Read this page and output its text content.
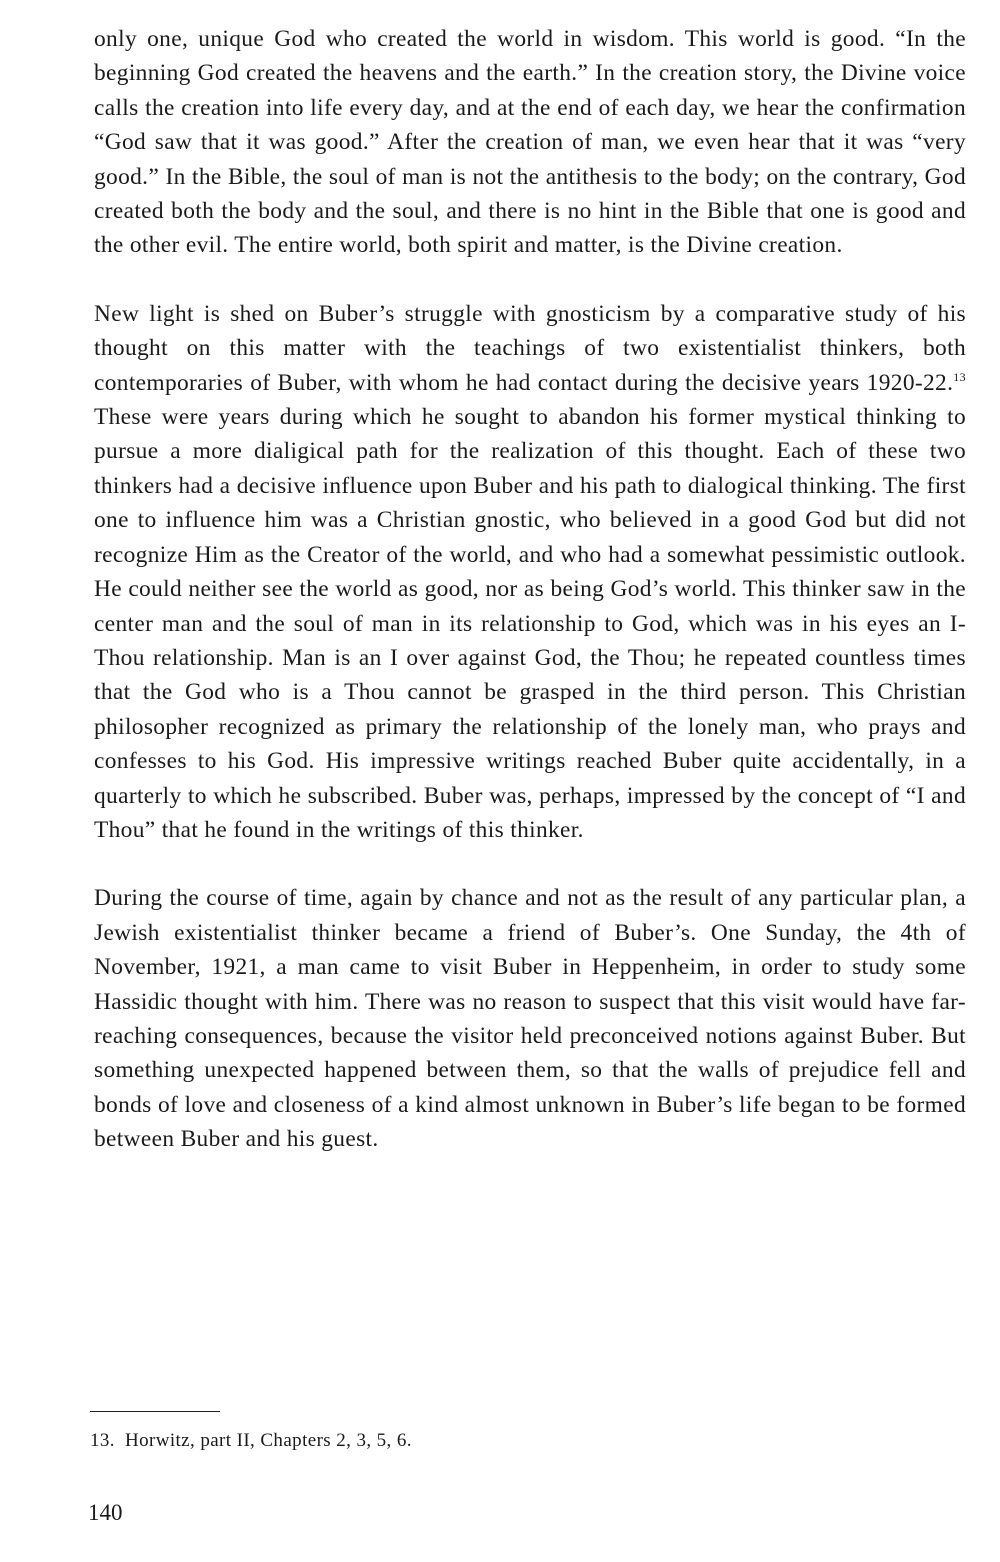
only one, unique God who created the world in wisdom. This world is good. “In the beginning God created the heavens and the earth.” In the creation story, the Divine voice calls the creation into life every day, and at the end of each day, we hear the confirmation “God saw that it was good.” After the creation of man, we even hear that it was “very good.” In the Bible, the soul of man is not the antithesis to the body; on the contrary, God created both the body and the soul, and there is no hint in the Bible that one is good and the other evil. The entire world, both spirit and matter, is the Divine creation.

New light is shed on Buber’s struggle with gnosticism by a comparative study of his thought on this matter with the teachings of two existentialist thinkers, both contemporaries of Buber, with whom he had contact during the decisive years 1920-22.13 These were years during which he sought to abandon his former mystical thinking to pursue a more dialigical path for the realization of this thought. Each of these two thinkers had a decisive influence upon Buber and his path to dialogical thinking. The first one to influence him was a Christian gnostic, who believed in a good God but did not recognize Him as the Creator of the world, and who had a somewhat pessimistic outlook. He could neither see the world as good, nor as being God’s world. This thinker saw in the center man and the soul of man in its relationship to God, which was in his eyes an I-Thou relationship. Man is an I over against God, the Thou; he repeated countless times that the God who is a Thou cannot be grasped in the third person. This Christian philosopher recognized as primary the relationship of the lonely man, who prays and confesses to his God. His impressive writings reached Buber quite accidentally, in a quarterly to which he subscribed. Buber was, perhaps, impressed by the concept of “I and Thou” that he found in the writings of this thinker.

During the course of time, again by chance and not as the result of any particular plan, a Jewish existentialist thinker became a friend of Buber’s. One Sunday, the 4th of November, 1921, a man came to visit Buber in Heppenheim, in order to study some Hassidic thought with him. There was no reason to suspect that this visit would have far-reaching consequences, because the visitor held preconceived notions against Buber. But something unexpected happened between them, so that the walls of prejudice fell and bonds of love and closeness of a kind almost unknown in Buber’s life began to be formed between Buber and his guest.

13. Horwitz, part II, Chapters 2, 3, 5, 6.

140
